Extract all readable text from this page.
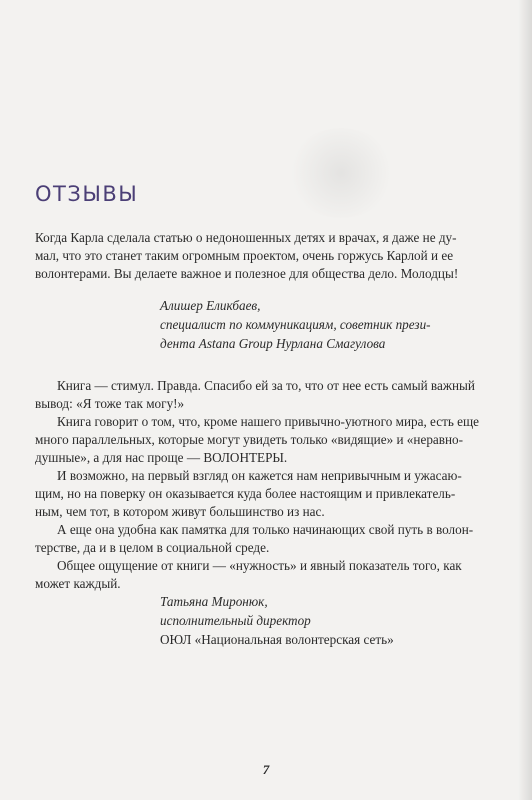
ОТЗЫВЫ
Когда Карла сделала статью о недоношенных детях и врачах, я даже не ду-
мал, что это станет таким огромным проектом, очень горжусь Карлой и ее
волонтерами. Вы делаете важное и полезное для общества дело. Молодцы!
Алишер Еликбаев,
специалист по коммуникациям, советник прези-
дента Astana Group Нурлана Смагулова
Книга — стимул. Правда. Спасибо ей за то, что от нее есть самый важный
вывод: «Я тоже так могу!»
Книга говорит о том, что, кроме нашего привычно-уютного мира, есть еще
много параллельных, которые могут увидеть только «видящие» и «неравно-
душные», а для нас проще — ВОЛОНТЕРЫ.
И возможно, на первый взгляд он кажется нам непривычным и ужасаю-
щим, но на поверку он оказывается куда более настоящим и привлекатель-
ным, чем тот, в котором живут большинство из нас.
А еще она удобна как памятка для только начинающих свой путь в волон-
терстве, да и в целом в социальной среде.
Общее ощущение от книги — «нужность» и явный показатель того, как
может каждый.
Татьяна Миронюк,
исполнительный директор
ОЮЛ «Национальная волонтерская сеть»
7
